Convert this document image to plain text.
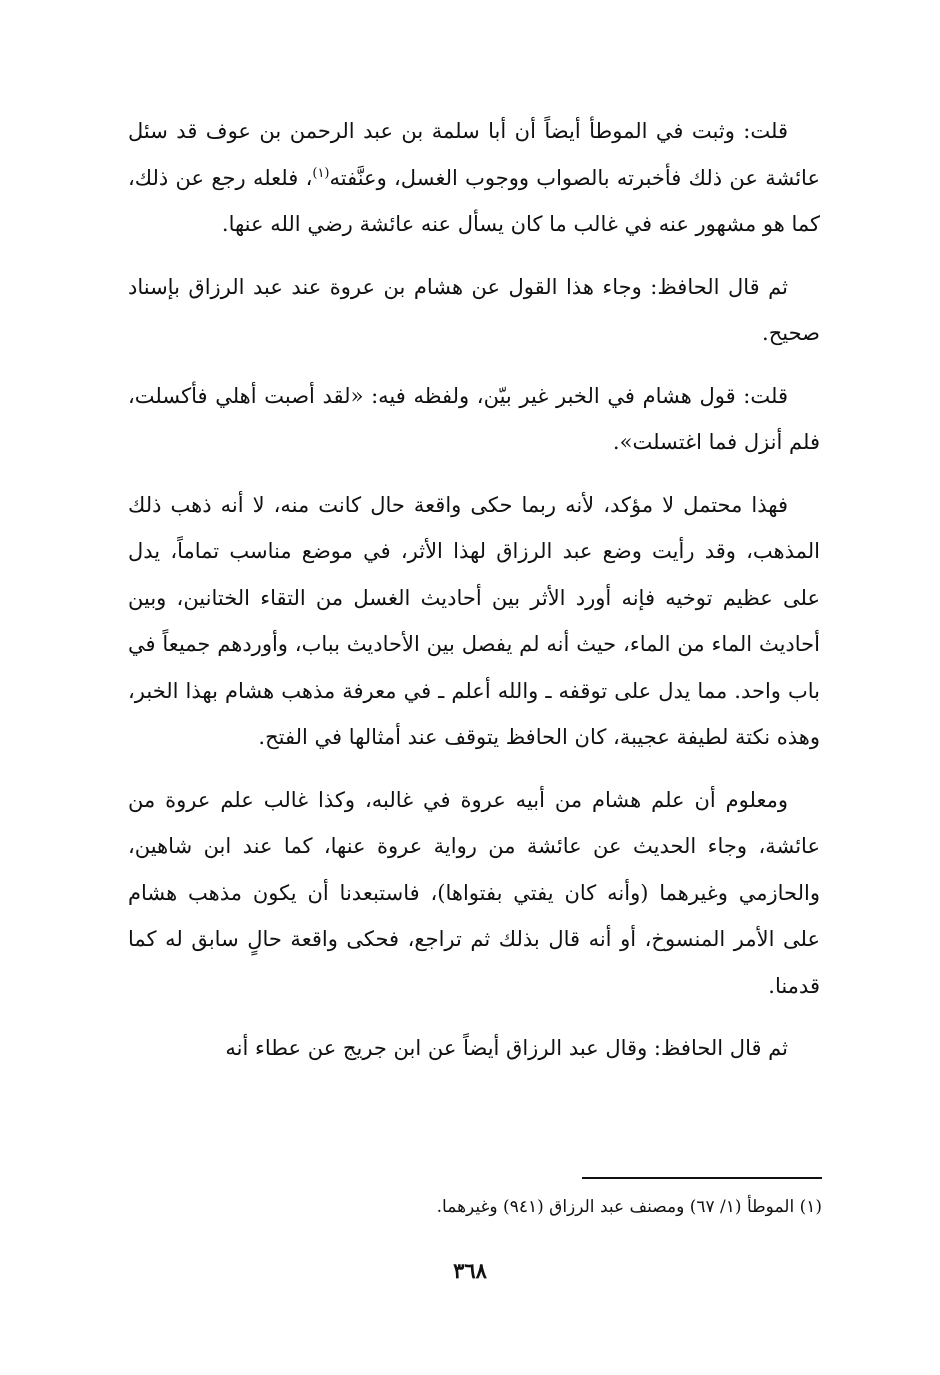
قلت: وثبت في الموطأ أيضاً أن أبا سلمة بن عبد الرحمن بن عوف قد سئل عائشة عن ذلك فأخبرته بالصواب ووجوب الغسل، وعنَّفته$^{(١)}$، فلعله رجع عن ذلك، كما هو مشهور عنه في غالب ما كان يسأل عنه عائشة رضي الله عنها.

ثم قال الحافظ: وجاء هذا القول عن هشام بن عروة عند عبد الرزاق بإسناد صحيح.

قلت: قول هشام في الخبر غير بيّن، ولفظه فيه: «لقد أصبت أهلي فأكسلت، فلم أنزل فما اغتسلت».

فهذا محتمل لا مؤكد، لأنه ربما حكى واقعة حال كانت منه، لا أنه ذهب ذلك المذهب، وقد رأيت وضع عبد الرزاق لهذا الأثر، في موضع مناسب تماماً، يدل على عظيم توخيه فإنه أورد الأثر بين أحاديث الغسل من التقاء الختانين، وبين أحاديث الماء من الماء، حيث أنه لم يفصل بين الأحاديث بباب، وأوردهم جميعاً في باب واحد. مما يدل على توقفه ـ والله أعلم ـ في معرفة مذهب هشام بهذا الخبر، وهذه نكتة لطيفة عجيبة، كان الحافظ يتوقف عند أمثالها في الفتح.

ومعلوم أن علم هشام من أبيه عروة في غالبه، وكذا غالب علم عروة من عائشة، وجاء الحديث عن عائشة من رواية عروة عنها، كما عند ابن شاهين، والحازمي وغيرهما (وأنه كان يفتي بفتواها)، فاستبعدنا أن يكون مذهب هشام على الأمر المنسوخ، أو أنه قال بذلك ثم تراجع، فحكى واقعة حالٍ سابق له كما قدمنا.

ثم قال الحافظ: وقال عبد الرزاق أيضاً عن ابن جريج عن عطاء أنه

(١) الموطأ (١/ ٦٧) ومصنف عبد الرزاق (٩٤١) وغيرهما.
٣٦٨
